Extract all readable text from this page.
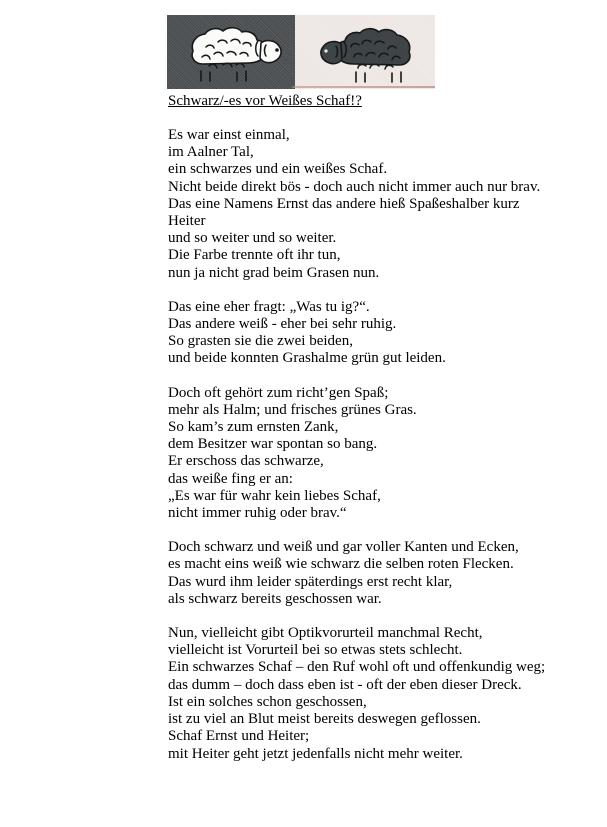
Schwarz/-es vor Weißes Schaf!?
Es war einst einmal,
im Aalner Tal,
ein schwarzes und ein weißes Schaf.
Nicht beide direkt bös - doch auch nicht immer auch nur brav.
Das eine Namens Ernst das andere hieß Spaßeshalber kurz
Heiter
und so weiter und so weiter.
Die Farbe trennte oft ihr tun,
nun ja nicht grad beim Grasen nun.
Das eine eher fragt: „Was tu ig?“.
Das andere weiß - eher bei sehr ruhig.
So grasten sie die zwei beiden,
und beide konnten Grashalme grün gut leiden.
Doch oft gehört zum richt’gen Spaß;
mehr als Halm; und frisches grünes Gras.
So kam’s zum ernsten Zank,
dem Besitzer war spontan so bang.
Er erschoss das schwarze,
das weiße fing er an:
„Es war für wahr kein liebes Schaf,
nicht immer ruhig oder brav.“
Doch schwarz und weiß und gar voller Kanten und Ecken,
es macht eins weiß wie schwarz die selben roten Flecken.
Das wurd ihm leider späterdings erst recht klar,
als schwarz bereits geschossen war.
Nun, vielleicht gibt Optikvorurteil manchmal Recht,
vielleicht ist Vorurteil bei so etwas stets schlecht.
Ein schwarzes Schaf – den Ruf wohl oft und offenkundig weg;
das dumm – doch dass eben ist - oft der eben dieser Dreck.
Ist ein solches schon geschossen,
ist zu viel an Blut meist bereits deswegen geflossen.
Schaf Ernst und Heiter;
mit Heiter geht jetzt jedenfalls nicht mehr weiter.
